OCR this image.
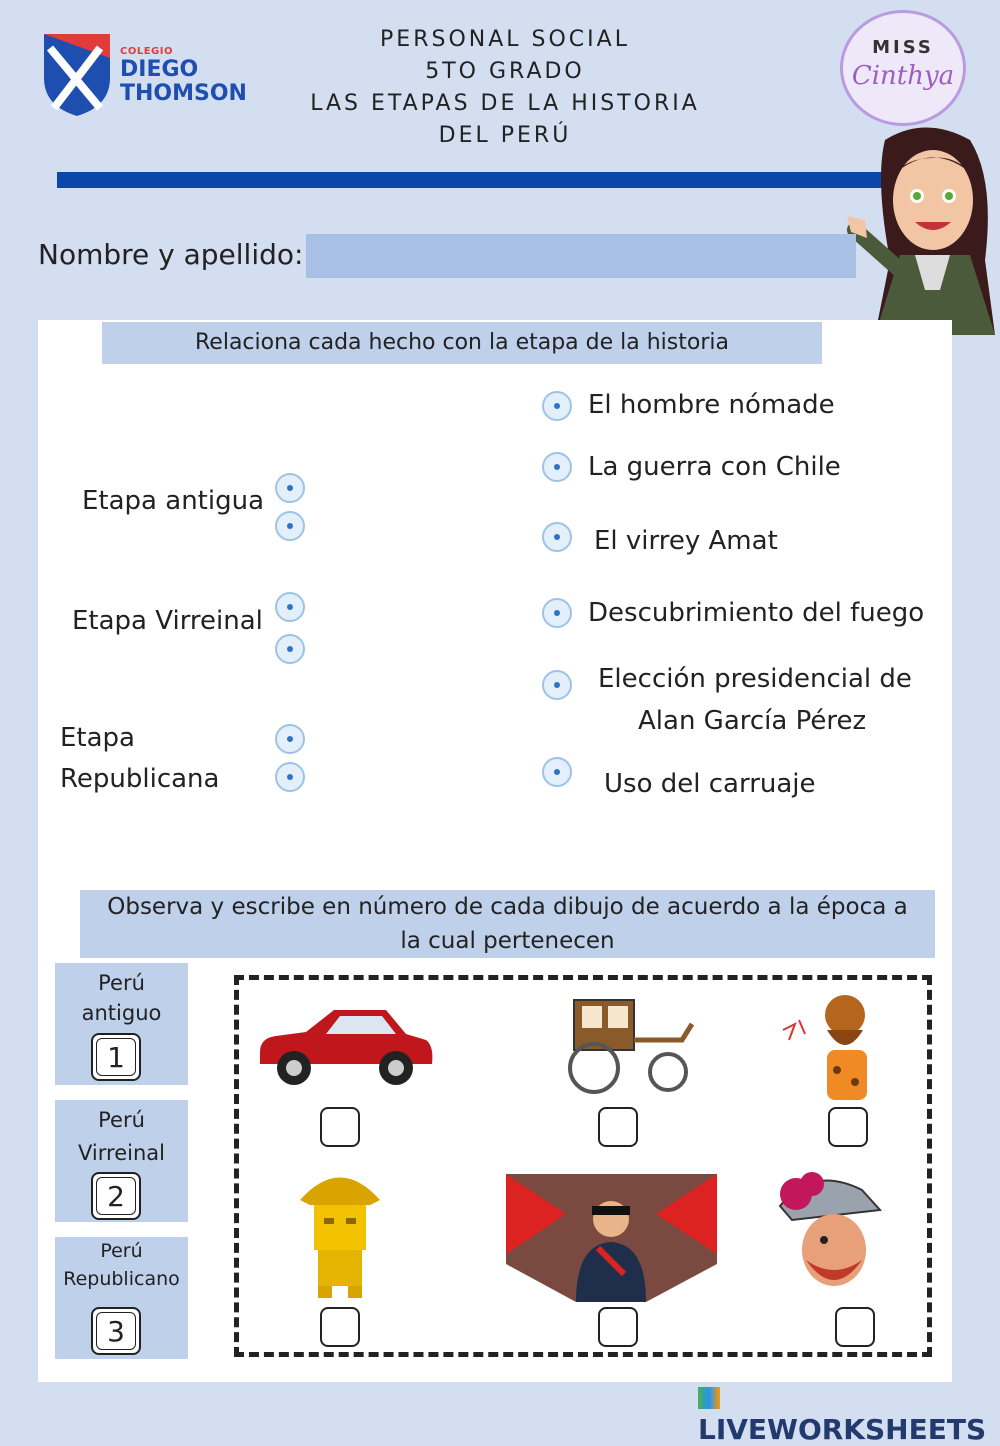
COLEGIO
DIEGO
THOMSON
PERSONAL SOCIAL
5TO GRADO
LAS ETAPAS DE LA HISTORIA DEL PERÚ
MISS
Cinthya
Nombre y apellido:
Relaciona cada hecho con la etapa de la historia
Etapa antigua
Etapa Virreinal
Etapa
Republicana
El hombre nómade
La guerra con Chile
El virrey Amat
Descubrimiento del fuego
Elección presidencial de
Alan García Pérez
Uso del carruaje
Observa y escribe en número de cada dibujo de acuerdo a la época a
la cual pertenecen
Perú
antiguo
1
Perú
Virreinal
2
Perú
Republicano
3
LIVEWORKSHEETS
